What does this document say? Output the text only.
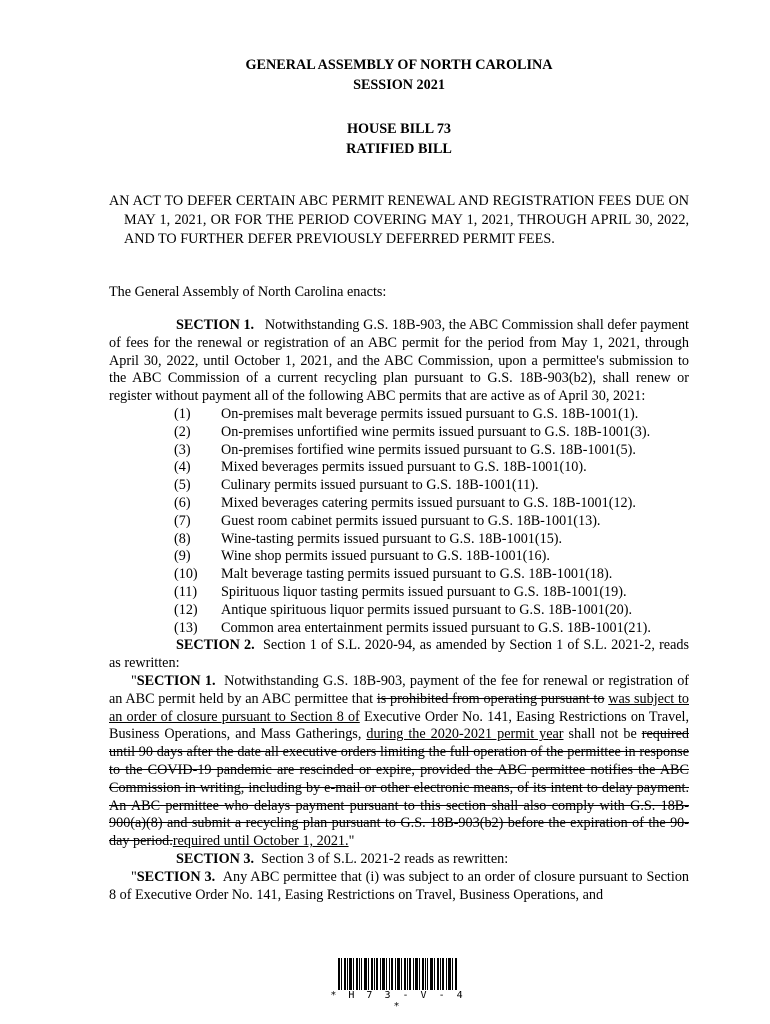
GENERAL ASSEMBLY OF NORTH CAROLINA
SESSION 2021
HOUSE BILL 73
RATIFIED BILL
AN ACT TO DEFER CERTAIN ABC PERMIT RENEWAL AND REGISTRATION FEES DUE ON MAY 1, 2021, OR FOR THE PERIOD COVERING MAY 1, 2021, THROUGH APRIL 30, 2022, AND TO FURTHER DEFER PREVIOUSLY DEFERRED PERMIT FEES.
The General Assembly of North Carolina enacts:

SECTION 1. Notwithstanding G.S. 18B-903, the ABC Commission shall defer payment of fees for the renewal or registration of an ABC permit for the period from May 1, 2021, through April 30, 2022, until October 1, 2021, and the ABC Commission, upon a permittee's submission to the ABC Commission of a current recycling plan pursuant to G.S. 18B-903(b2), shall renew or register without payment all of the following ABC permits that are active as of April 30, 2021:

(1) On-premises malt beverage permits issued pursuant to G.S. 18B-1001(1).
(2) On-premises unfortified wine permits issued pursuant to G.S. 18B-1001(3).
(3) On-premises fortified wine permits issued pursuant to G.S. 18B-1001(5).
(4) Mixed beverages permits issued pursuant to G.S. 18B-1001(10).
(5) Culinary permits issued pursuant to G.S. 18B-1001(11).
(6) Mixed beverages catering permits issued pursuant to G.S. 18B-1001(12).
(7) Guest room cabinet permits issued pursuant to G.S. 18B-1001(13).
(8) Wine-tasting permits issued pursuant to G.S. 18B-1001(15).
(9) Wine shop permits issued pursuant to G.S. 18B-1001(16).
(10) Malt beverage tasting permits issued pursuant to G.S. 18B-1001(18).
(11) Spirituous liquor tasting permits issued pursuant to G.S. 18B-1001(19).
(12) Antique spirituous liquor permits issued pursuant to G.S. 18B-1001(20).
(13) Common area entertainment permits issued pursuant to G.S. 18B-1001(21).

SECTION 2. Section 1 of S.L. 2020-94, as amended by Section 1 of S.L. 2021-2, reads as rewritten:

"SECTION 1. Notwithstanding G.S. 18B-903, payment of the fee for renewal or registration of an ABC permit held by an ABC permittee that is prohibited from operating pursuant to was subject to an order of closure pursuant to Section 8 of Executive Order No. 141, Easing Restrictions on Travel, Business Operations, and Mass Gatherings, during the 2020-2021 permit year shall not be required until 90 days after the date all executive orders limiting the full operation of the permittee in response to the COVID-19 pandemic are rescinded or expire, provided the ABC permittee notifies the ABC Commission in writing, including by e-mail or other electronic means, of its intent to delay payment. An ABC permittee who delays payment pursuant to this section shall also comply with G.S. 18B-900(a)(8) and submit a recycling plan pursuant to G.S. 18B-903(b2) before the expiration of the 90-day period.required until October 1, 2021."

SECTION 3. Section 3 of S.L. 2021-2 reads as rewritten:

"SECTION 3. Any ABC permittee that (i) was subject to an order of closure pursuant to Section 8 of Executive Order No. 141, Easing Restrictions on Travel, Business Operations, and

* H 7 3 - V - 4 *
